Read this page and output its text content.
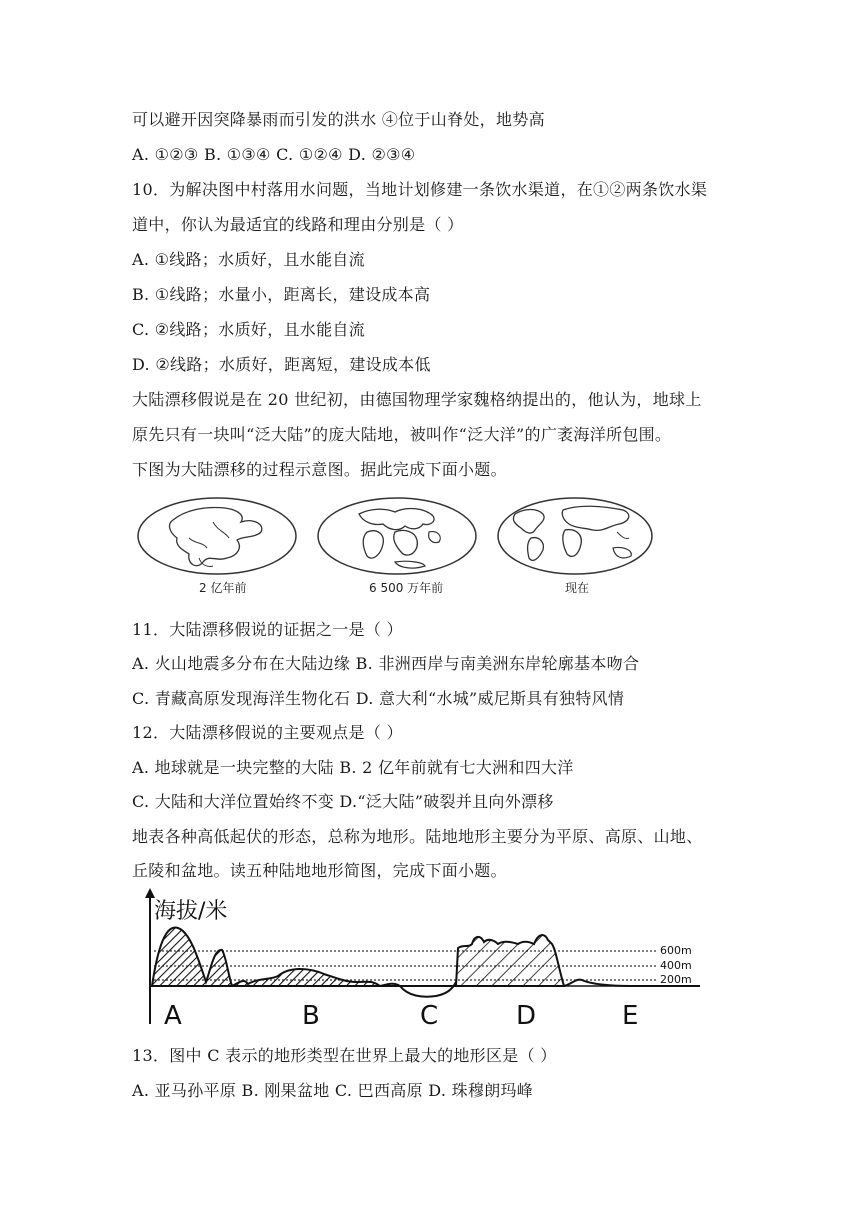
可以避开因突降暴雨而引发的洪水 ④位于山脊处，地势高
A. ①②③ B. ①③④ C. ①②④ D. ②③④
10．为解决图中村落用水问题，当地计划修建一条饮水渠道，在①②两条饮水渠
道中，你认为最适宜的线路和理由分别是（ ）
A. ①线路；水质好，且水能自流
B. ①线路；水量小，距离长，建设成本高
C. ②线路；水质好，且水能自流
D. ②线路；水质好，距离短，建设成本低
大陆漂移假说是在 20 世纪初，由德国物理学家魏格纳提出的，他认为，地球上
原先只有一块叫“泛大陆”的庞大陆地，被叫作“泛大洋”的广袤海洋所包围。
下图为大陆漂移的过程示意图。据此完成下面小题。
2 亿年前	6 500 万年前	现在
11．大陆漂移假说的证据之一是（ ）
A. 火山地震多分布在大陆边缘 B. 非洲西岸与南美洲东岸轮廓基本吻合
C. 青藏高原发现海洋生物化石 D. 意大利“水城”威尼斯具有独特风情
12．大陆漂移假说的主要观点是（ ）
A. 地球就是一块完整的大陆 B. 2 亿年前就有七大洲和四大洋
C. 大陆和大洋位置始终不变 D.“泛大陆”破裂并且向外漂移
地表各种高低起伏的形态，总称为地形。陆地地形主要分为平原、高原、山地、
丘陵和盆地。读五种陆地地形简图，完成下面小题。
海拔/米
600m
400m
200m
A	B	C	D	E
13．图中 C 表示的地形类型在世界上最大的地形区是（ ）
A. 亚马孙平原 B. 刚果盆地 C. 巴西高原 D. 珠穆朗玛峰
